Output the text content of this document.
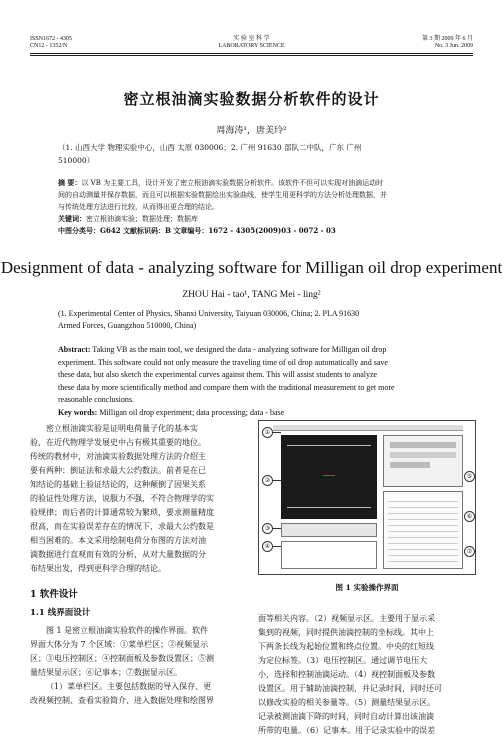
ISSN1672 - 4305
CN12 - 1352/N
实 验 室 科 学
LABORATORY SCIENCE
第 3 期 2009 年 6 月
No. 3 Jun. 2009
密立根油滴实验数据分析软件的设计
周海涛¹，唐美玲²
（1. 山西大学 物理实验中心，山西 太原 030006；2. 广州 91630 部队二中队，广东 广州
510000）
摘 要：以 VB 为主要工具，设计开发了密立根油滴实验数据分析软件。该软件不但可以实现对油滴运动时
间的自动测量并保存数据，而且可以根据实验数据绘出实验曲线，使学生用更科学的方法分析处理数据，并
与传统处理方法进行比较，从而得出更合理的结论。
关键词：密立根油滴实验；数据处理；数据库
中图分类号：G642 文献标识码：B 文章编号：1672 - 4305(2009)03 - 0072 - 03
Designment of data - analyzing software for Milligan oil drop experiment
ZHOU Hai - tao¹, TANG Mei - ling²
(1. Experimental Center of Physics, Shanxi University, Taiyuan 030006, China; 2. PLA 91630
Armed Forces, Guangzhou 510000, China)
Abstract: Taking VB as the main tool, we designed the data - analyzing software for Milligan oil drop
experiment. This software could not only measure the traveling time of oil drop automatically and save
these data, but also sketch the experimental curves against them. This will assist students to analyze
these data by more scientifically method and compare them with the traditional measurement to get more
reasonable conclusions.
Key words: Milligan oil drop experiment; data processing; data - base
密立根油滴实验是证明电荷量子化的基本实
验，在近代物理学发展史中占有极其重要的地位。
传统的教材中，对油滴实验数据处理方法的介绍主
要有两种：倒证法和求最大公约数法。前者是在已
知结论的基础上验证结论的，这种颠倒了因果关系
的验证性处理方法，说服力不强，不符合物理学的实
验规律；而后者的计算通常较为繁琐，要求测量精度
很高，而在实验误差存在的情况下，求最大公约数是
相当困难的。本文采用绘制电荷分布图的方法对油
滴数据进行直观而有效的分析，从对大量数据的分
布结果出发，得到更科学合理的结论。
1 软件设计
1.1 线界面设计
图 1 是密立根油滴实验软件的操作界面。软件
界面大体分为 7 个区域：①菜单栏区；②视频显示
区；③电压控制区；④控制面板及参数设置区；⑤测
量结果显示区；⑥记事本；⑦数据显示区。
（1）菜单栏区。主要包括数据的导入保存、更
改视频控制、查看实验简介、进入数据处理和绘图界
①
②
③
④
⑤
⑥
⑦
图 1 实验操作界面
面等相关内容。（2）视频显示区。主要用于显示采
集到的视频，同时提供油滴控制的坐标线。其中上
下两条长线为起始位置和终点位置。中央的红短线
为定位标签。（3）电压控制区。通过调节电压大
小，选择和控制油滴运动。（4）视控制面板及参数
设置区。用于辅助油滴控制，并记录时间，同时还可
以修改实验的相关参量等。（5）测量结果显示区。
记录被测油滴下降的时间，同时自动计算出该油滴
所带的电量。（6）记事本。用于记录实验中的误差
